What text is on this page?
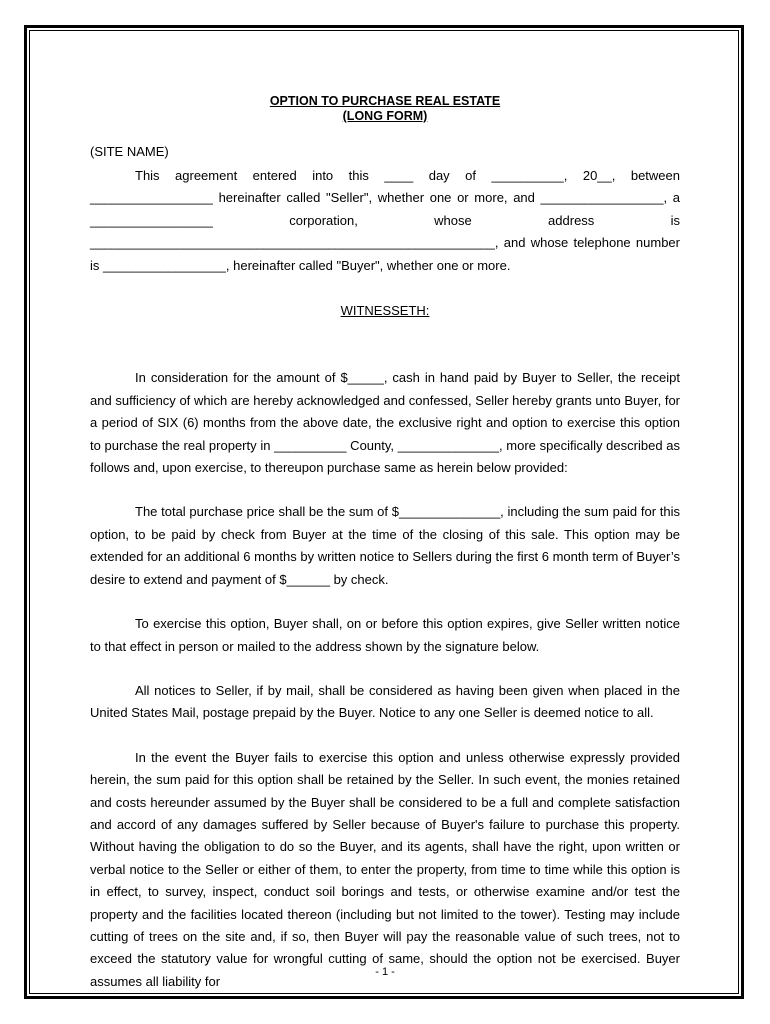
OPTION TO PURCHASE REAL ESTATE

(LONG FORM)

(SITE NAME)

This agreement entered into this ____ day of __________, 20__, between _________________ hereinafter called "Seller", whether one or more, and _________________, a _________________ corporation, whose address is ________________________________________________________, and whose telephone number is _________________, hereinafter called "Buyer", whether one or more.

WITNESSETH:

In consideration for the amount of $_____, cash in hand paid by Buyer to Seller, the receipt and sufficiency of which are hereby acknowledged and confessed, Seller hereby grants unto Buyer, for a period of SIX (6) months from the above date, the exclusive right and option to exercise this option to purchase the real property in __________ County, ______________, more specifically described as follows and, upon exercise, to thereupon purchase same as herein below provided:

The total purchase price shall be the sum of $______________, including the sum paid for this option, to be paid by check from Buyer at the time of the closing of this sale. This option may be extended for an additional 6 months by written notice to Sellers during the first 6 month term of Buyer’s desire to extend and payment of $______ by check.

To exercise this option, Buyer shall, on or before this option expires, give Seller written notice to that effect in person or mailed to the address shown by the signature below.

All notices to Seller, if by mail, shall be considered as having been given when placed in the United States Mail, postage prepaid by the Buyer. Notice to any one Seller is deemed notice to all.

In the event the Buyer fails to exercise this option and unless otherwise expressly provided herein, the sum paid for this option shall be retained by the Seller. In such event, the monies retained and costs hereunder assumed by the Buyer shall be considered to be a full and complete satisfaction and accord of any damages suffered by Seller because of Buyer's failure to purchase this property. Without having the obligation to do so the Buyer, and its agents, shall have the right, upon written or verbal notice to the Seller or either of them, to enter the property, from time to time while this option is in effect, to survey, inspect, conduct soil borings and tests, or otherwise examine and/or test the property and the facilities located thereon (including but not limited to the tower). Testing may include cutting of trees on the site and, if so, then Buyer will pay the reasonable value of such trees, not to exceed the statutory value for wrongful cutting of same, should the option not be exercised. Buyer assumes all liability for

- 1 -
